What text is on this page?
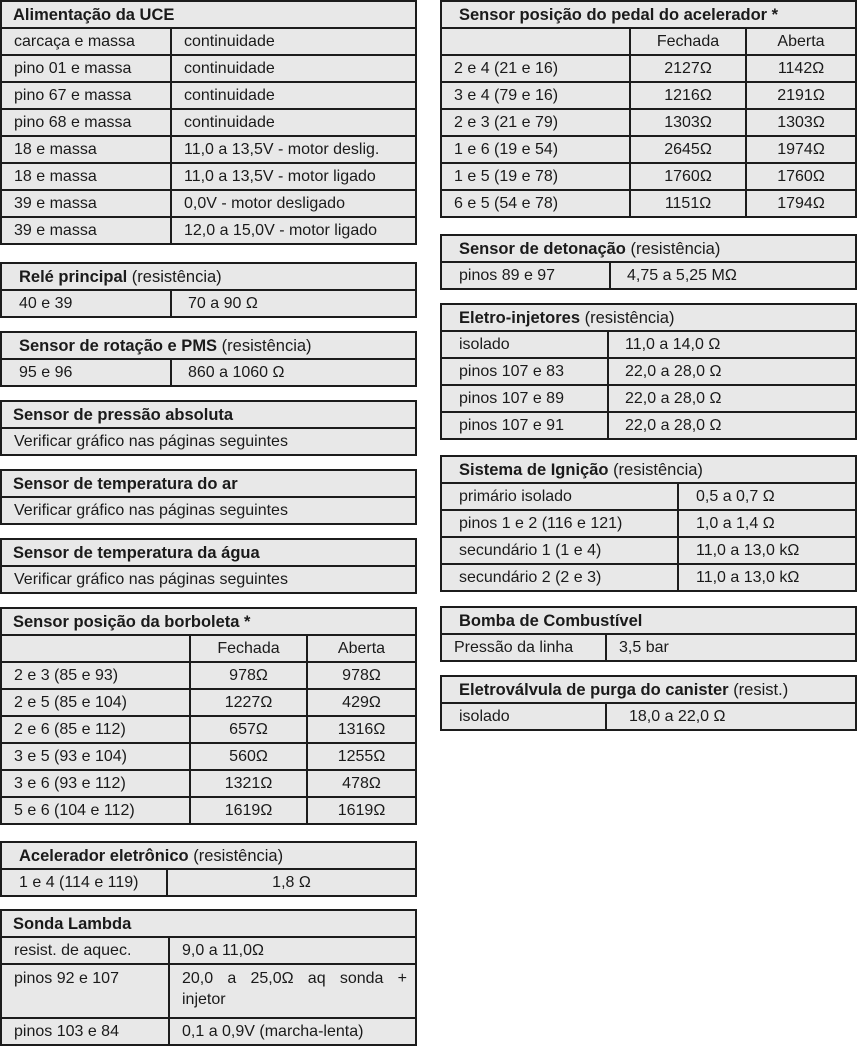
Alimentação da UCE	
carcaça e massa	continuidade
pino 01 e massa	continuidade
pino 67 e massa	continuidade
pino 68 e massa	continuidade
18 e massa	11,0 a 13,5V - motor deslig.
18 e massa	11,0 a 13,5V - motor ligado
39 e massa	0,0V - motor desligado
39 e massa	12,0 a 15,0V - motor ligado
Relé principal (resistência)
40 e 39	70 a 90 Ω
Sensor de rotação e PMS (resistência)
95 e 96	860 a 1060 Ω
Sensor de pressão absoluta
Verificar gráfico nas páginas seguintes
Sensor de temperatura do ar
Verificar gráfico nas páginas seguintes
Sensor de temperatura da água
Verificar gráfico nas páginas seguintes
Sensor posição da borboleta *		
	Fechada	Aberta
2 e 3 (85 e 93)	978Ω	978Ω
2 e 5 (85 e 104)	1227Ω	429Ω
2 e 6 (85 e 112)	657Ω	1316Ω
3 e 5 (93 e 104)	560Ω	1255Ω
3 e 6 (93 e 112)	1321Ω	478Ω
5 e 6 (104 e 112)	1619Ω	1619Ω
Acelerador eletrônico (resistência)
1 e 4 (114 e 119)	1,8 Ω
Sonda Lambda	
resist. de aquec.	9,0 a 11,0Ω
pinos 92 e 107	20,0 a 25,0Ω aq sonda + injetor
pinos 103 e 84	0,1 a 0,9V (marcha-lenta)
Sensor posição do pedal do acelerador *		
	Fechada	Aberta
2 e 4 (21 e 16)	2127Ω	1142Ω
3 e 4 (79 e 16)	1216Ω	2191Ω
2 e 3 (21 e 79)	1303Ω	1303Ω
1 e 6 (19 e 54)	2645Ω	1974Ω
1 e 5 (19 e 78)	1760Ω	1760Ω
6 e 5 (54 e 78)	1151Ω	1794Ω
Sensor de detonação (resistência)
pinos 89 e 97	4,75 a 5,25 MΩ
Eletro-injetores (resistência)	
isolado	11,0 a 14,0 Ω
pinos 107 e 83	22,0 a 28,0 Ω
pinos 107 e 89	22,0 a 28,0 Ω
pinos 107 e 91	22,0 a 28,0 Ω
Sistema de Ignição (resistência)	
primário isolado	0,5 a 0,7 Ω
pinos 1 e 2 (116 e 121)	1,0 a 1,4 Ω
secundário 1 (1 e 4)	11,0 a 13,0 kΩ
secundário 2 (2 e 3)	11,0 a 13,0 kΩ
Bomba de Combustível
Pressão da linha	3,5 bar
Eletroválvula de purga do canister (resist.)
isolado	18,0 a 22,0 Ω
